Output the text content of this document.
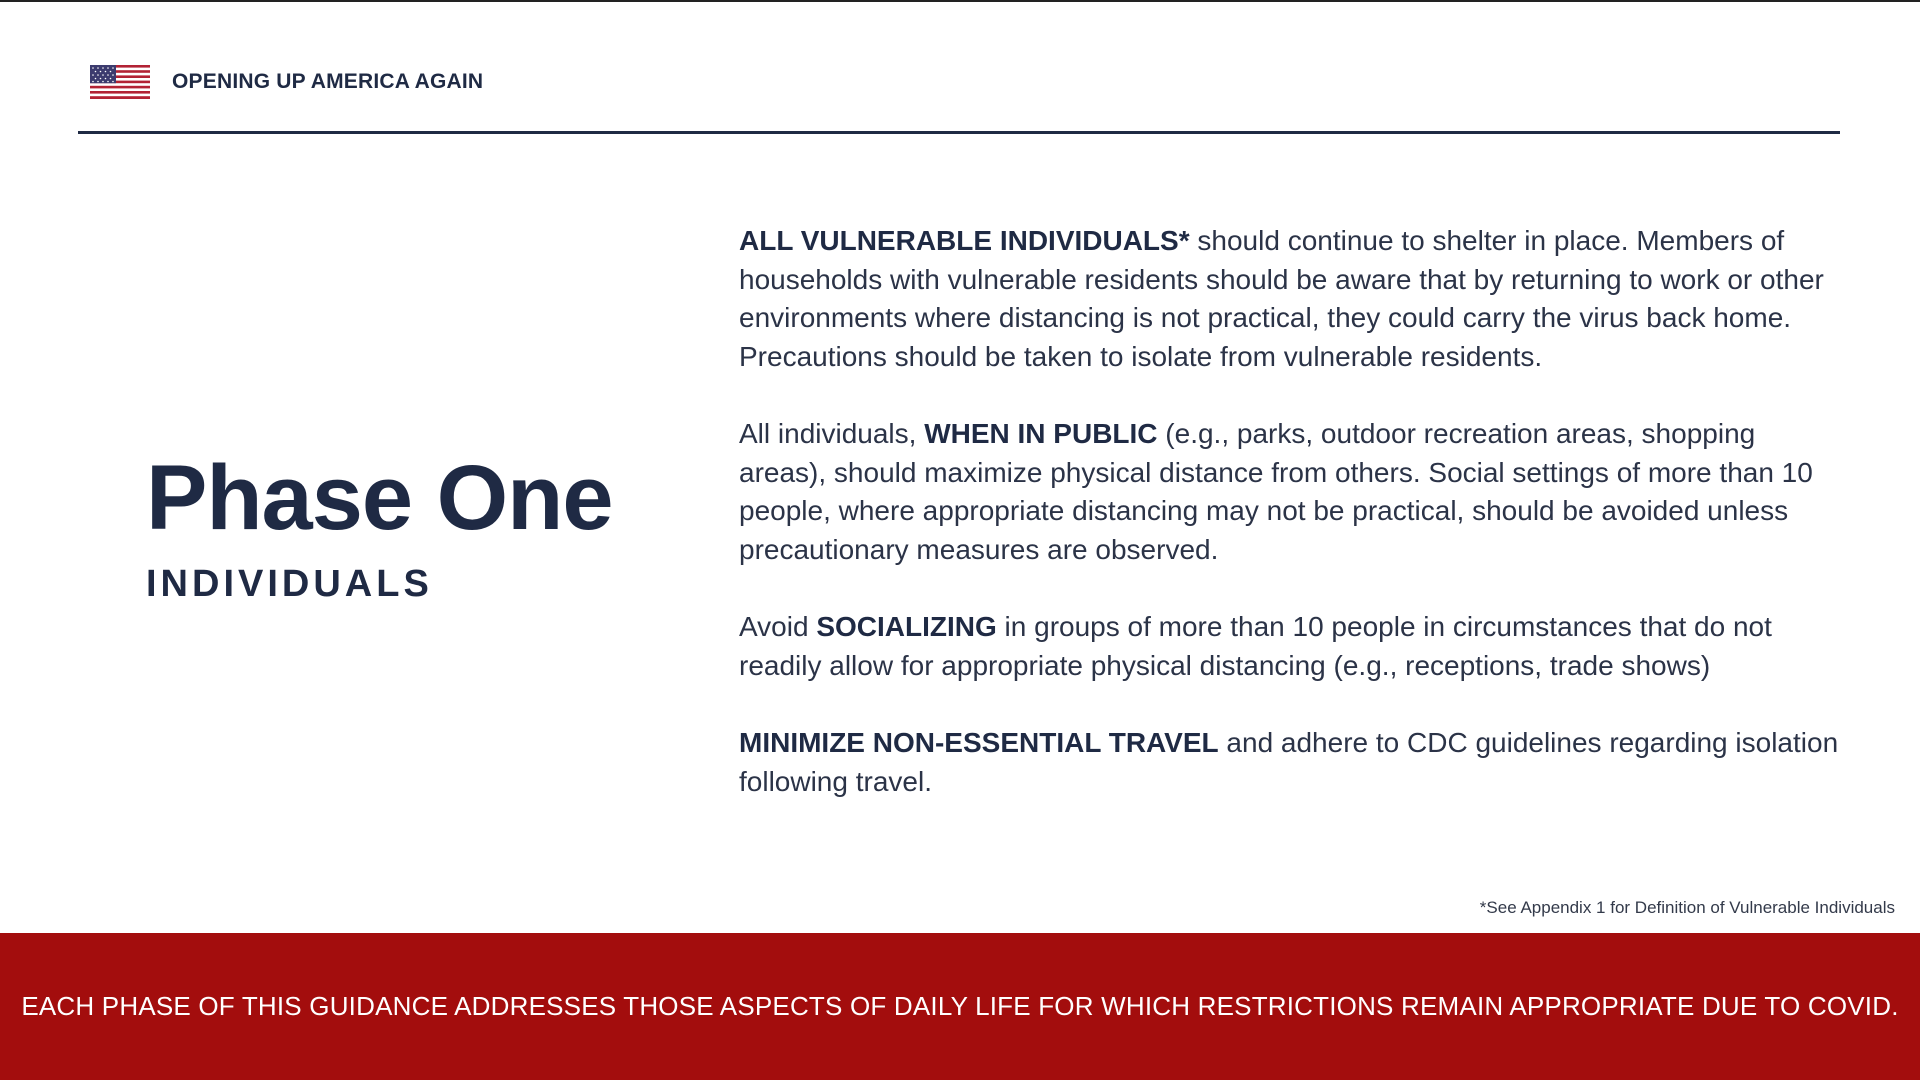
OPENING UP AMERICA AGAIN
Phase One
INDIVIDUALS

ALL VULNERABLE INDIVIDUALS* should continue to shelter in place. Members of households with vulnerable residents should be aware that by returning to work or other environments where distancing is not practical, they could carry the virus back home. Precautions should be taken to isolate from vulnerable residents.

All individuals, WHEN IN PUBLIC (e.g., parks, outdoor recreation areas, shopping areas), should maximize physical distance from others. Social settings of more than 10 people, where appropriate distancing may not be practical, should be avoided unless precautionary measures are observed.

Avoid SOCIALIZING in groups of more than 10 people in circumstances that do not readily allow for appropriate physical distancing (e.g., receptions, trade shows)

MINIMIZE NON-ESSENTIAL TRAVEL and adhere to CDC guidelines regarding isolation following travel.

*See Appendix 1 for Definition of Vulnerable Individuals
EACH PHASE OF THIS GUIDANCE ADDRESSES THOSE ASPECTS OF DAILY LIFE FOR WHICH RESTRICTIONS REMAIN APPROPRIATE DUE TO COVID.
